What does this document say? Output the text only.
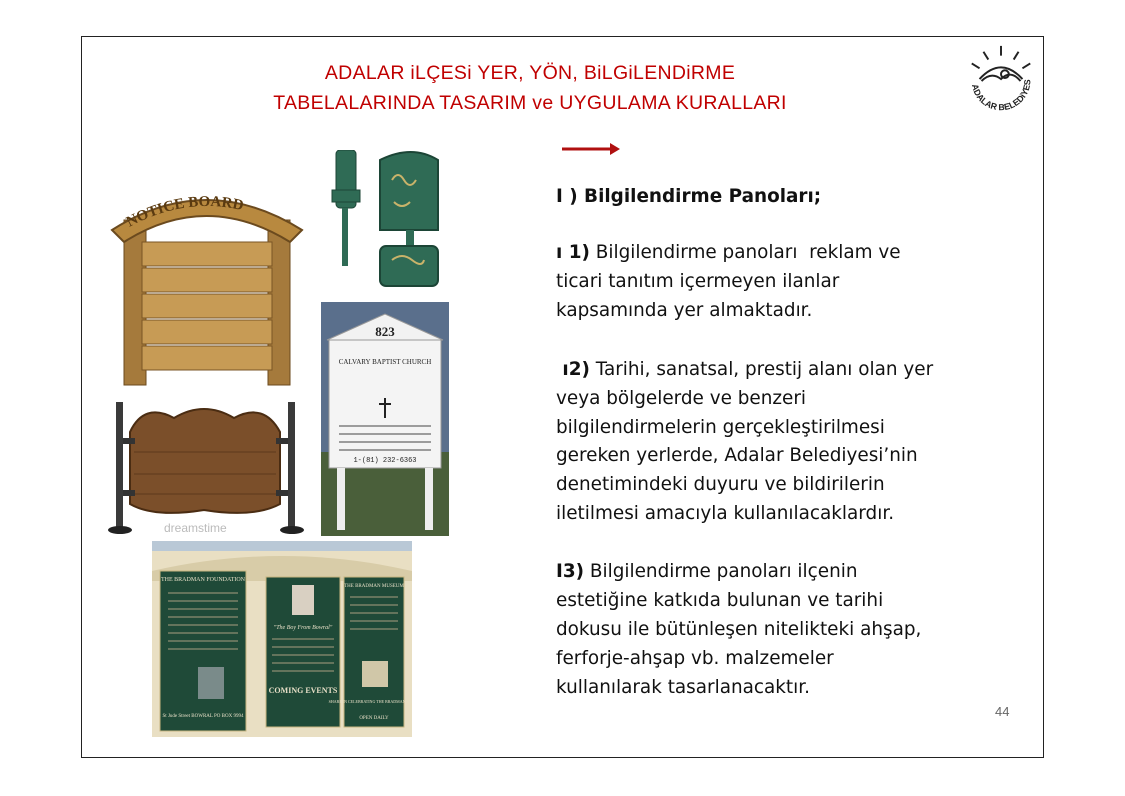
ADALAR iLÇESi YER, YÖN, BiLGiLENDiRME
TABELALARINDA TASARIM ve UYGULAMA KURALLARI
ADALAR BELEDiYES
NOTICE BOARD
823
CALVARY BAPTIST CHURCH
1-(81) 232-6363
dreamstime
THE BRADMAN FOUNDATION
"The Boy From Bowral"
COMING EVENTS
THE BRADMAN MUSEUM
SHARE IN CELEBRATING THE BRADMAN STORY
St Jude Street BOWRAL PO BOX 9994	OPEN DAILY
I ) Bilgilendirme Panoları;
ı 1) Bilgilendirme panoları  reklam ve
ticari tanıtım içermeyen ilanlar
kapsamında yer almaktadır.
ı2) Tarihi, sanatsal, prestij alanı olan yer
veya bölgelerde ve benzeri
bilgilendirmelerin gerçekleştirilmesi
gereken yerlerde, Adalar Belediyesi’nin
denetimindeki duyuru ve bildirilerin
iletilmesi amacıyla kullanılacaklardır.
I3) Bilgilendirme panoları ilçenin
estetiğine katkıda bulunan ve tarihi
dokusu ile bütünleşen nitelikteki ahşap,
ferforje-ahşap vb. malzemeler
kullanılarak tasarlanacaktır.
44
